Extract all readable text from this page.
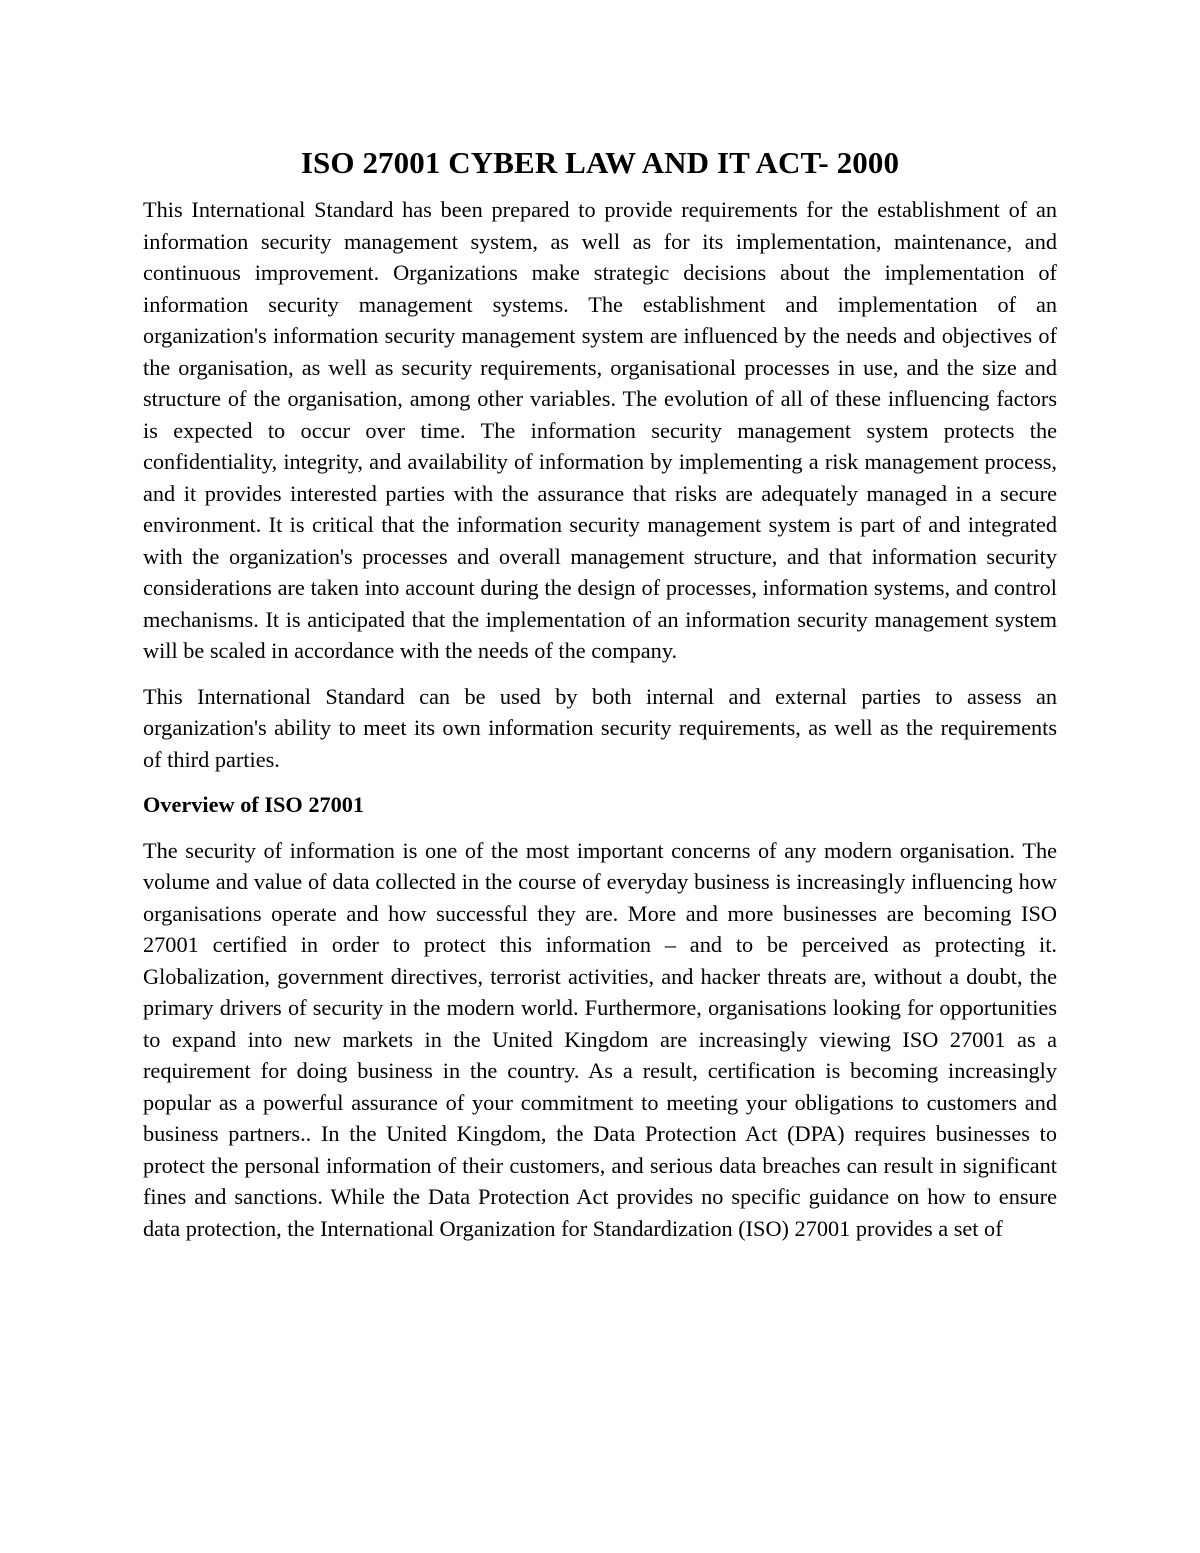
ISO 27001 CYBER LAW AND IT ACT- 2000

This International Standard has been prepared to provide requirements for the establishment of an information security management system, as well as for its implementation, maintenance, and continuous improvement. Organizations make strategic decisions about the implementation of information security management systems. The establishment and implementation of an organization's information security management system are influenced by the needs and objectives of the organisation, as well as security requirements, organisational processes in use, and the size and structure of the organisation, among other variables. The evolution of all of these influencing factors is expected to occur over time. The information security management system protects the confidentiality, integrity, and availability of information by implementing a risk management process, and it provides interested parties with the assurance that risks are adequately managed in a secure environment. It is critical that the information security management system is part of and integrated with the organization's processes and overall management structure, and that information security considerations are taken into account during the design of processes, information systems, and control mechanisms. It is anticipated that the implementation of an information security management system will be scaled in accordance with the needs of the company.

This International Standard can be used by both internal and external parties to assess an organization's ability to meet its own information security requirements, as well as the requirements of third parties.

Overview of ISO 27001

The security of information is one of the most important concerns of any modern organisation. The volume and value of data collected in the course of everyday business is increasingly influencing how organisations operate and how successful they are. More and more businesses are becoming ISO 27001 certified in order to protect this information – and to be perceived as protecting it. Globalization, government directives, terrorist activities, and hacker threats are, without a doubt, the primary drivers of security in the modern world. Furthermore, organisations looking for opportunities to expand into new markets in the United Kingdom are increasingly viewing ISO 27001 as a requirement for doing business in the country. As a result, certification is becoming increasingly popular as a powerful assurance of your commitment to meeting your obligations to customers and business partners.. In the United Kingdom, the Data Protection Act (DPA) requires businesses to protect the personal information of their customers, and serious data breaches can result in significant fines and sanctions. While the Data Protection Act provides no specific guidance on how to ensure data protection, the International Organization for Standardization (ISO) 27001 provides a set of
